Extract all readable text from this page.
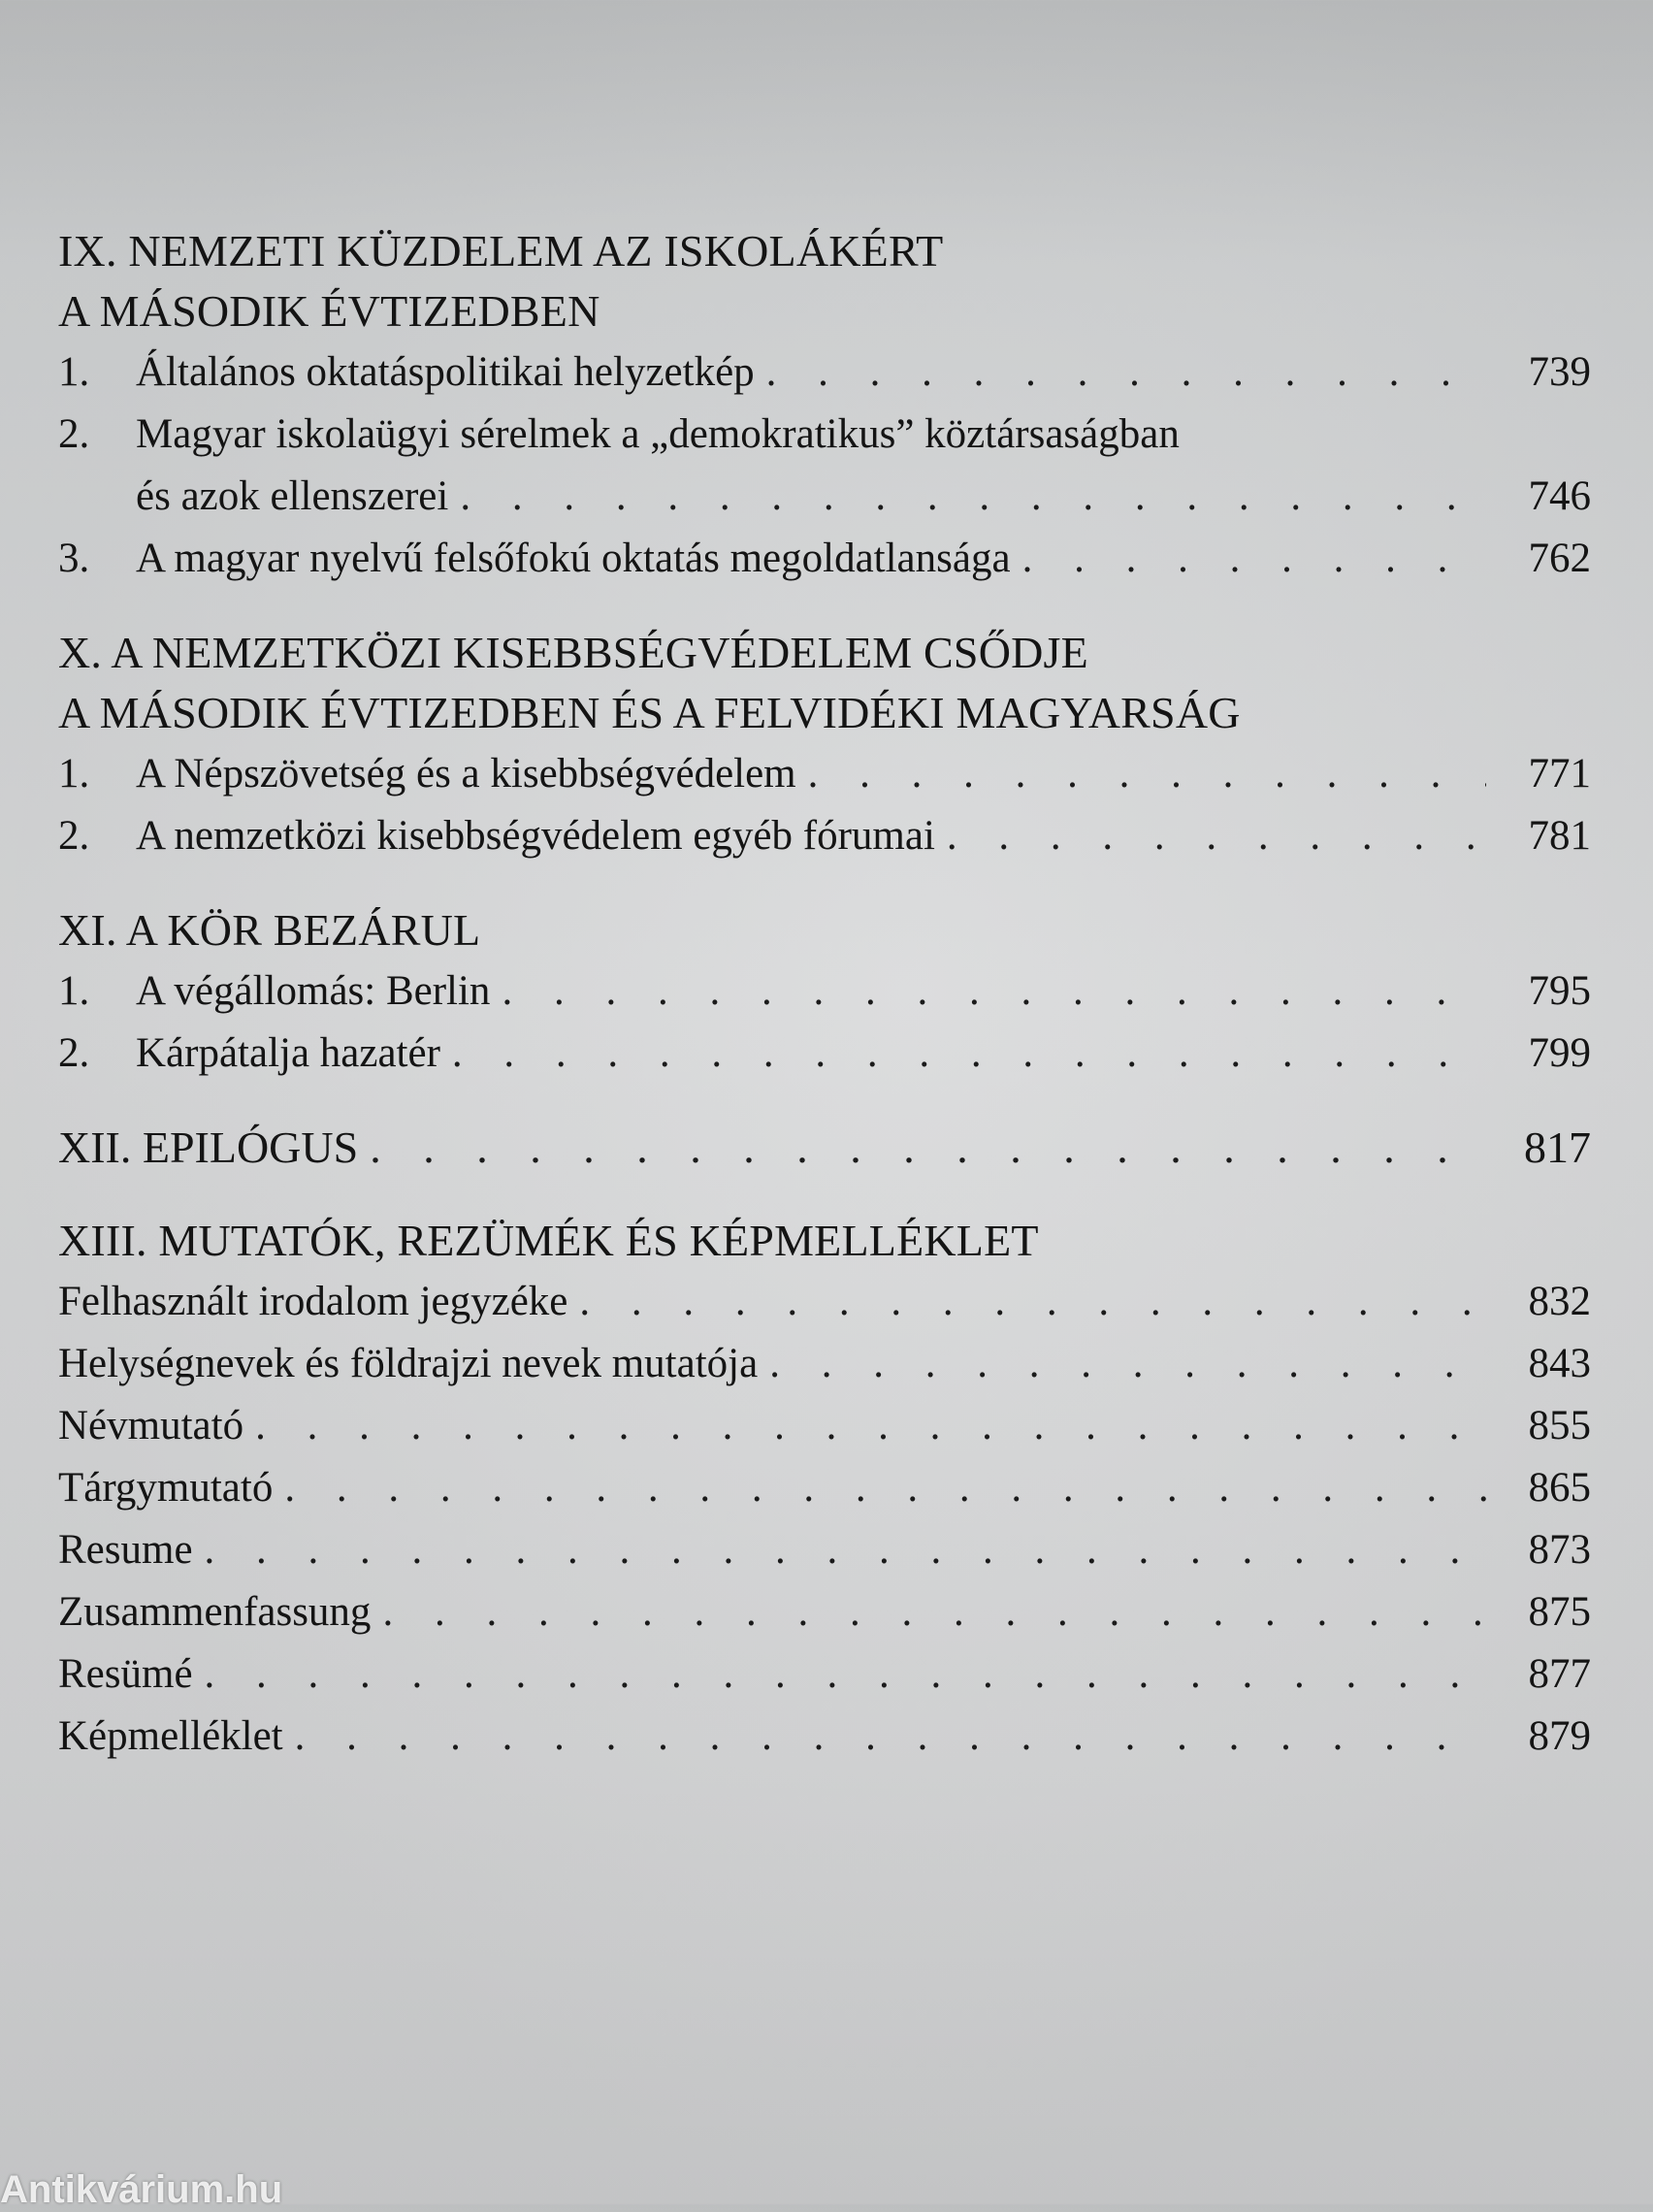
IX. NEMZETI KÜZDELEM AZ ISKOLÁKÉRT
A MÁSODIK ÉVTIZEDBEN
1.	Általános oktatáspolitikai helyzetkép . . .	739
2.	Magyar iskolaügyi sérelmek a „demokratikus” köztársaságban
és azok ellenszerei . . .	746
3.	A magyar nyelvű felsőfokú oktatás megoldatlansága . . .	762
X. A NEMZETKÖZI KISEBBSÉGVÉDELEM CSŐDJE
A MÁSODIK ÉVTIZEDBEN ÉS A FELVIDÉKI MAGYARSÁG
1.	A Népszövetség és a kisebbségvédelem . . .	771
2.	A nemzetközi kisebbségvédelem egyéb fórumai . . .	781
XI. A KÖR BEZÁRUL
1.	A végállomás: Berlin . . .	795
2.	Kárpátalja hazatér . . .	799
XII. EPILÓGUS . . .	817
XIII. MUTATÓK, REZÜMÉK ÉS KÉPMELLÉKLET
Felhasznált irodalom jegyzéke . . .	832
Helységnevek és földrajzi nevek mutatója . . .	843
Névmutató . . .	855
Tárgymutató . . .	865
Resume . . .	873
Zusammenfassung . . .	875
Resümé . . .	877
Képmelléklet . . .	879
Antikvárium.hu
